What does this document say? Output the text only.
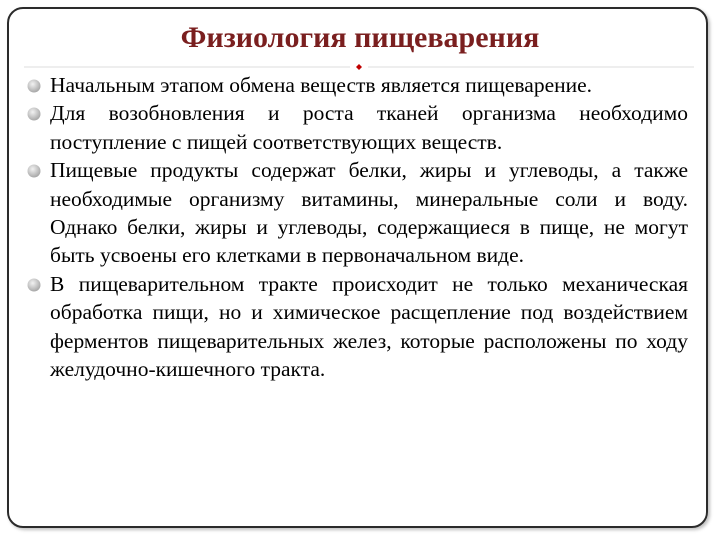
Физиология пищеварения
Начальным этапом обмена веществ является пищеварение.
Для возобновления и роста тканей организма необходимо поступление с пищей соответствующих веществ.
Пищевые продукты содержат белки, жиры и углеводы, а также необходимые организму витамины, минеральные соли и воду. Однако белки, жиры и углеводы, содержащиеся в пище, не могут быть усвоены его клетками в первоначальном виде.
В пищеварительном тракте происходит не только механическая обработка пищи, но и химическое расщепление под воздействием ферментов пищеварительных желез, которые расположены по ходу желудочно-кишечного тракта.
